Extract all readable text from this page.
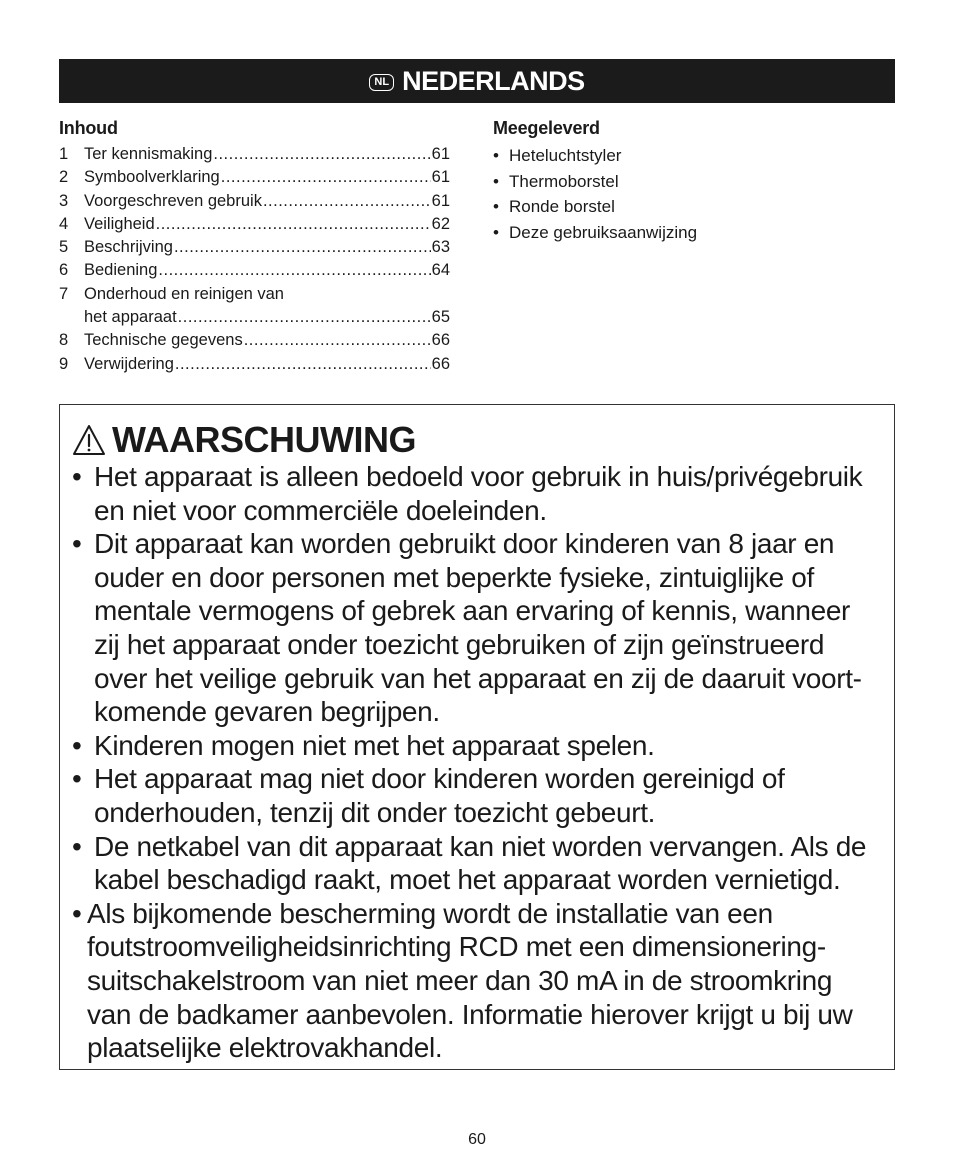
NL NEDERLANDS
Inhoud
1 Ter kennismaking .....	61
2 Symboolverklaring .....	61
3 Voorgeschreven gebruik .....	61
4 Veiligheid .....	62
5 Beschrijving .....	63
6 Bediening .....	64
7 Onderhoud en reinigen van
het apparaat .....	65
8 Technische gegevens .....	66
9 Verwijdering .....	66
Meegeleverd
• Heteluchtstyler
• Thermoborstel
• Ronde borstel
• Deze gebruiksaanwijzing
WAARSCHUWING
• Het apparaat is alleen bedoeld voor gebruik in huis/privégebruik
en niet voor commerciële doeleinden.
• Dit apparaat kan worden gebruikt door kinderen van 8 jaar en
ouder en door personen met beperkte fysieke, zintuiglijke of
mentale vermogens of gebrek aan ervaring of kennis, wanneer
zij het apparaat onder toezicht gebruiken of zijn geïnstrueerd
over het veilige gebruik van het apparaat en zij de daaruit voort-
komende gevaren begrijpen.
• Kinderen mogen niet met het apparaat spelen.
• Het apparaat mag niet door kinderen worden gereinigd of
onderhouden, tenzij dit onder toezicht gebeurt.
• De netkabel van dit apparaat kan niet worden vervangen. Als de
kabel beschadigd raakt, moet het apparaat worden vernietigd.
• Als bijkomende bescherming wordt de installatie van een
foutstroomveiligheidsinrichting RCD met een dimensionering-
suitschakelstroom van niet meer dan 30 mA in de stroomkring
van de badkamer aanbevolen. Informatie hierover krijgt u bij uw
plaatselijke elektrovakhandel.
60
